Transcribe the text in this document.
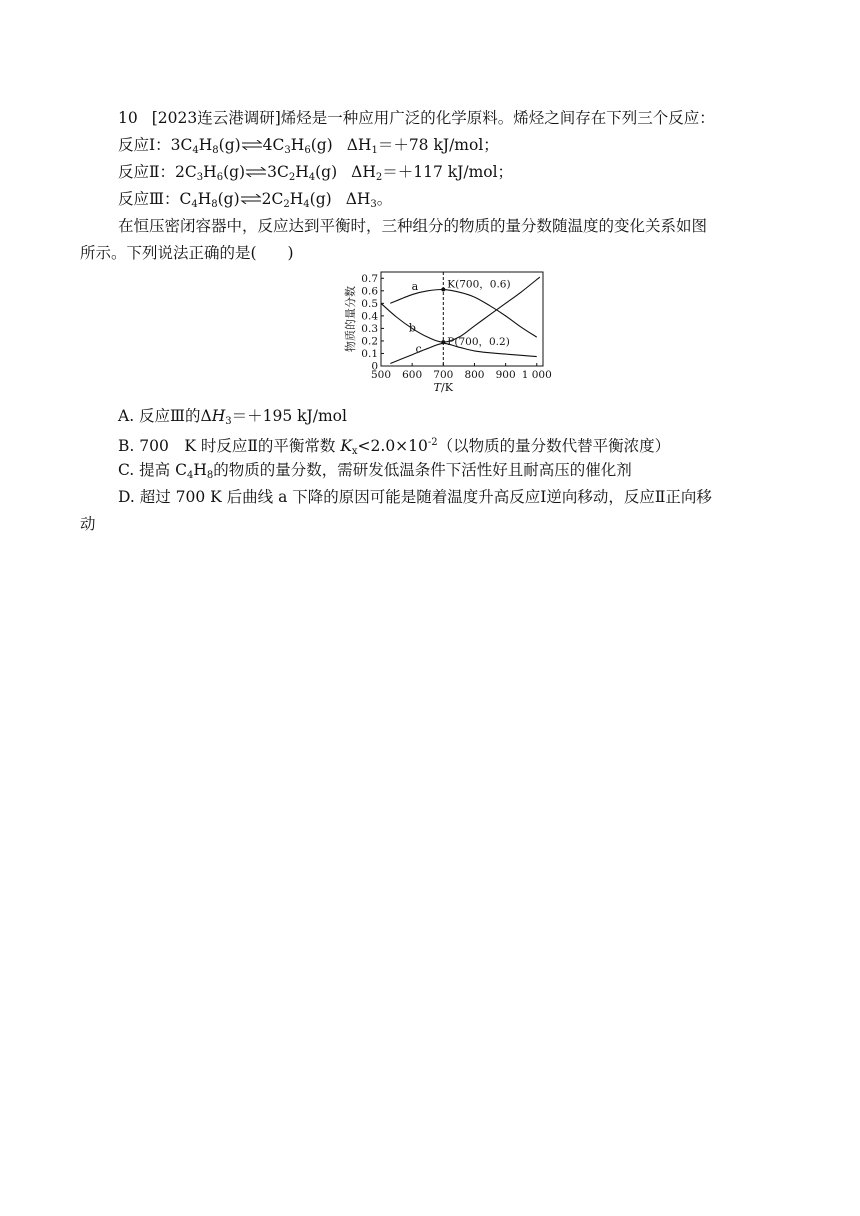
10 [2023连云港调研]烯烃是一种应用广泛的化学原料。烯烃之间存在下列三个反应：
反应Ⅰ：$3C_4H_8(g)\rightleftharpoons 4C_3H_6(g)$ $\Delta H_1=+78$ kJ/mol；
反应Ⅱ：$2C_3H_6(g)\rightleftharpoons 3C_2H_4(g)$ $\Delta H_2=+117$ kJ/mol；
反应Ⅲ：$C_4H_8(g)\rightleftharpoons 2C_2H_4(g)$ $\Delta H_3$。
在恒压密闭容器中，反应达到平衡时，三种组分的物质的量分数随温度的变化关系如图
所示。下列说法正确的是(　　)
500 600 700 800 900 1 000
0
0.1
0.2
0.3
0.4
0.5
0.6
0.7
物质的量分数
T/K
a
b
c
K(700，0.6)
P(700，0.2)
A. 反应Ⅲ的$\Delta H_3=+195$ kJ/mol
B. 700　K 时反应Ⅱ的平衡常数 $K_x<2.0\times 10^{-2}$（以物质的量分数代替平衡浓度）
C. 提高 $C_4H_8$的物质的量分数，需研发低温条件下活性好且耐高压的催化剂
D. 超过 700 K 后曲线 a 下降的原因可能是随着温度升高反应Ⅰ逆向移动，反应Ⅱ正向移
动
